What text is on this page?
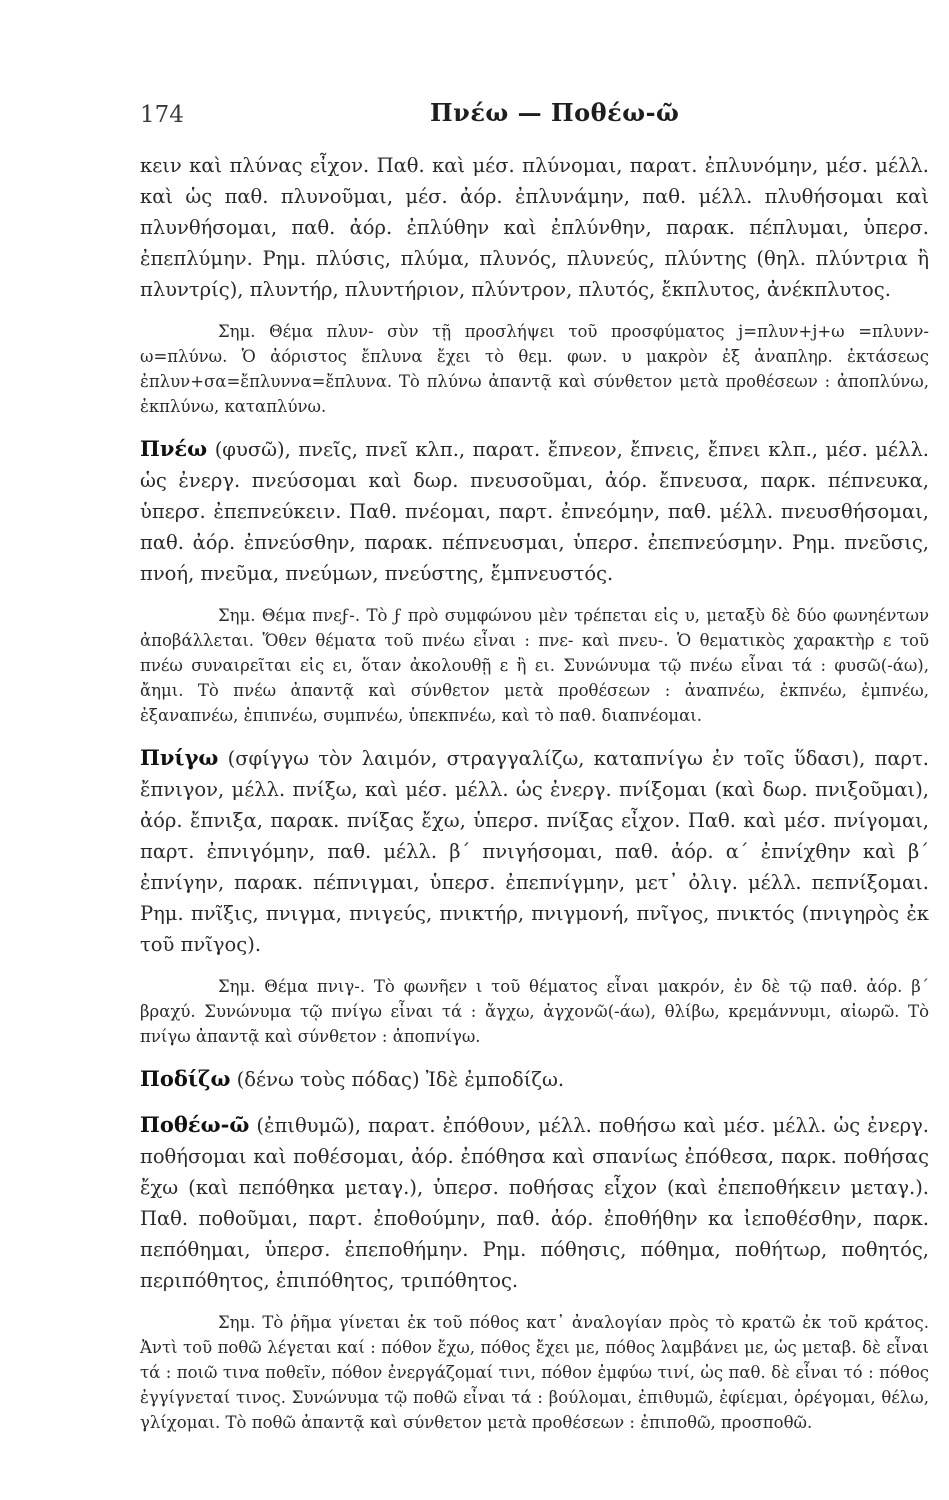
174	Πνέω — Ποθέω-ῶ

κειν καὶ πλύνας εἶχον. Παθ. καὶ μέσ. πλύνομαι, παρατ. ἐπλυνόμην, μέσ. μέλλ. καὶ ὡς παθ. πλυνοῦμαι, μέσ. ἀόρ. ἐπλυνάμην, παθ. μέλλ. πλυθήσομαι καὶ πλυνθήσομαι, παθ. ἀόρ. ἐπλύθην καὶ ἐπλύνθην, παρακ. πέπλυμαι, ὑπερσ. ἐπεπλύμην. Ρημ. πλύσις, πλύμα, πλυνός, πλυνεύς, πλύντης (θηλ. πλύντρια ἢ πλυντρίς), πλυντήρ, πλυντήριον, πλύντρον, πλυτός, ἔκπλυτος, ἀνέκπλυτος.

Σημ. Θέμα πλυν- σὺν τῇ προσλήψει τοῦ προσφύματος j=πλυν+j+ω =πλυνν-ω=πλύνω. Ὁ ἀόριστος ἔπλυνα ἔχει τὸ θεμ. φων. υ μακρὸν ἐξ ἀναπληρ. ἐκτάσεως ἐπλυν+σα=ἔπλυννα=ἔπλυνα. Τὸ πλύνω ἀπαντᾷ καὶ σύνθετον μετὰ προθέσεων : ἀποπλύνω, ἐκπλύνω, καταπλύνω.

Πνέω (φυσῶ), πνεῖς, πνεῖ κλπ., παρατ. ἔπνεον, ἔπνεις, ἔπνει κλπ., μέσ. μέλλ. ὡς ἐνεργ. πνεύσομαι καὶ δωρ. πνευσοῦμαι, ἀόρ. ἔπνευσα, παρκ. πέπνευκα, ὑπερσ. ἐπεπνεύκειν. Παθ. πνέομαι, παρτ. ἐπνεόμην, παθ. μέλλ. πνευσθήσομαι, παθ. ἀόρ. ἐπνεύσθην, παρακ. πέπνευσμαι, ὑπερσ. ἐπεπνεύσμην. Ρημ. πνεῦσις, πνοή, πνεῦμα, πνεύμων, πνεύστης, ἔμπνευστός.

Σημ. Θέμα πνεϝ-. Τὸ ϝ πρὸ συμφώνου μὲν τρέπεται εἰς υ, μεταξὺ δὲ δύο φωνηέντων ἀποβάλλεται. Ὅθεν θέματα τοῦ πνέω εἶναι : πνε- καὶ πνευ-. Ὁ θεματικὸς χαρακτὴρ ε τοῦ πνέω συναιρεῖται εἰς ει, ὅταν ἀκολουθῇ ε ἢ ει. Συνώνυμα τῷ πνέω εἶναι τά : φυσῶ(-άω), ἄημι. Τὸ πνέω ἀπαντᾷ καὶ σύνθετον μετὰ προθέσεων : ἀναπνέω, ἐκπνέω, ἐμπνέω, ἐξαναπνέω, ἐπιπνέω, συμπνέω, ὑπεκπνέω, καὶ τὸ παθ. διαπνέομαι.

Πνίγω (σφίγγω τὸν λαιμόν, στραγγαλίζω, καταπνίγω ἐν τοῖς ὕδασι), παρτ. ἔπνιγον, μέλλ. πνίξω, καὶ μέσ. μέλλ. ὡς ἐνεργ. πνίξομαι (καὶ δωρ. πνιξοῦμαι), ἀόρ. ἔπνιξα, παρακ. πνίξας ἔχω, ὑπερσ. πνίξας εἶχον. Παθ. καὶ μέσ. πνίγομαι, παρτ. ἐπνιγόμην, παθ. μέλλ. β΄ πνιγήσομαι, παθ. ἀόρ. α΄ ἐπνίχθην καὶ β΄ ἐπνίγην, παρακ. πέπνιγμαι, ὑπερσ. ἐπεπνίγμην, μετ᾿ ὀλιγ. μέλλ. πεπνίξομαι. Ρημ. πνῖξις, πνιγμα, πνιγεύς, πνικτήρ, πνιγμονή, πνῖγος, πνικτός (πνιγηρὸς ἐκ τοῦ πνῖγος).

Σημ. Θέμα πνιγ-. Τὸ φωνῆεν ι τοῦ θέματος εἶναι μακρόν, ἐν δὲ τῷ παθ. ἀόρ. β΄ βραχύ. Συνώνυμα τῷ πνίγω εἶναι τά : ἄγχω, ἀγχονῶ(-άω), θλίβω, κρεμάννυμι, αἰωρῶ. Τὸ πνίγω ἀπαντᾷ καὶ σύνθετον : ἀποπνίγω.

Ποδίζω (δένω τοὺς πόδας) Ἰδὲ ἐμποδίζω.

Ποθέω-ῶ (ἐπιθυμῶ), παρατ. ἐπόθουν, μέλλ. ποθήσω καὶ μέσ. μέλλ. ὡς ἐνεργ. ποθήσομαι καὶ ποθέσομαι, ἀόρ. ἐπόθησα καὶ σπανίως ἐπόθεσα, παρκ. ποθήσας ἔχω (καὶ πεπόθηκα μεταγ.), ὑπερσ. ποθήσας εἶχον (καὶ ἐπεποθήκειν μεταγ.). Παθ. ποθοῦμαι, παρτ. ἐποθούμην, παθ. ἀόρ. ἐποθήθην κα ἰεποθέσθην, παρκ. πεπόθημαι, ὑπερσ. ἐπεποθήμην. Ρημ. πόθησις, πόθημα, ποθήτωρ, ποθητός, περιπόθητος, ἐπιπόθητος, τριπόθητος.

Σημ. Τὸ ῥῆμα γίνεται ἐκ τοῦ πόθος κατ᾿ ἀναλογίαν πρὸς τὸ κρατῶ ἐκ τοῦ κράτος. Ἀντὶ τοῦ ποθῶ λέγεται καί : πόθον ἔχω, πόθος ἔχει με, πόθος λαμβάνει με, ὡς μεταβ. δὲ εἶναι τά : ποιῶ τινα ποθεῖν, πόθον ἐνεργάζομαί τινι, πόθον ἐμφύω τινί, ὡς παθ. δὲ εἶναι τό : πόθος ἐγγίγνεταί τινος. Συνώνυμα τῷ ποθῶ εἶναι τά : βούλομαι, ἐπιθυμῶ, ἐφίεμαι, ὀρέγομαι, θέλω, γλίχομαι. Τὸ ποθῶ ἀπαντᾷ καὶ σύνθετον μετὰ προθέσεων : ἐπιποθῶ, προσποθῶ.
